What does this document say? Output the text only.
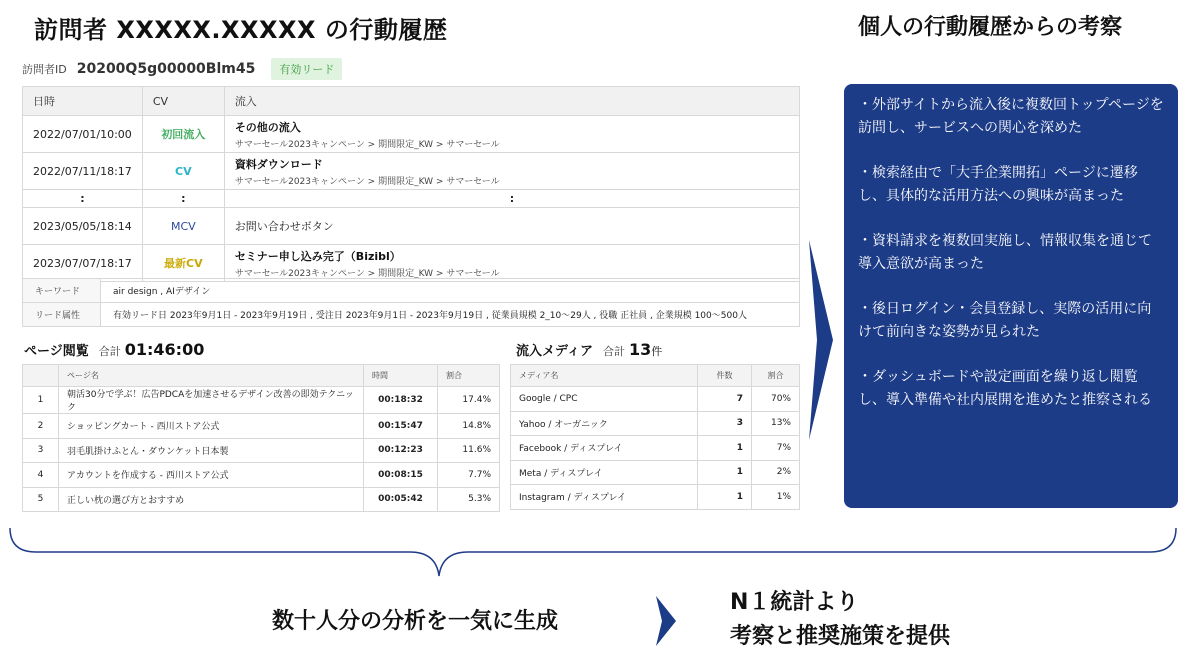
訪問者 XXXXX.XXXXX の行動履歴	個人の行動履歴からの考察
訪問者ID 20200Q5g00000Blm45	有効リード
日時	CV	流入
2022/07/01/10:00	初回流入	その他の流入
サマーセール2023キャンペーン > 期間限定_KW > サマーセール

2022/07/11/18:17	CV	資料ダウンロード
サマーセール2023キャンペーン > 期間限定_KW > サマーセール

:	:	:
2023/05/05/18:14	MCV	お問い合わせボタン

2023/07/07/18:17	最新CV	セミナー申し込み完了（Bizibl）
サマーセール2023キャンペーン > 期間限定_KW > サマーセール
キーワード	air design , AIデザイン
リード属性	有効リード日 2023年9月1日 - 2023年9月19日 , 受注日 2023年9月1日 - 2023年9月19日 , 従業員規模 2_10〜29人 , 役職 正社員 , 企業規模 100〜500人
ページ閲覧 合計 01:46:00	流入メディア 合計 13件
	ページ名	時間	割合
1	朝活30分で学ぶ！広告PDCAを加速させるデザイン改善の即効テクニック	00:18:32	17.4%
2	ショッピングカート - 西川ストア公式	00:15:47	14.8%
3	羽毛肌掛けふとん・ダウンケット日本製	00:12:23	11.6%
4	アカウントを作成する - 西川ストア公式	00:08:15	7.7%
5	正しい枕の選び方とおすすめ	00:05:42	5.3%
メディア名	件数	割合
Google / CPC	7	70%
Yahoo / オーガニック	3	13%
Facebook / ディスプレイ	1	7%
Meta / ディスプレイ	1	2%
Instagram / ディスプレイ	1	1%

・外部サイトから流入後に複数回トップページを訪問し、サービスへの関心を深めた

・検索経由で「大手企業開拓」ページに遷移し、具体的な活用方法への興味が高まった

・資料請求を複数回実施し、情報収集を通じて導入意欲が高まった

・後日ログイン・会員登録し、実際の活用に向けて前向きな姿勢が見られた

・ダッシュボードや設定画面を繰り返し閲覧し、導入準備や社内展開を進めたと推察される

数十人分の分析を一気に生成
N１統計より
考察と推奨施策を提供
